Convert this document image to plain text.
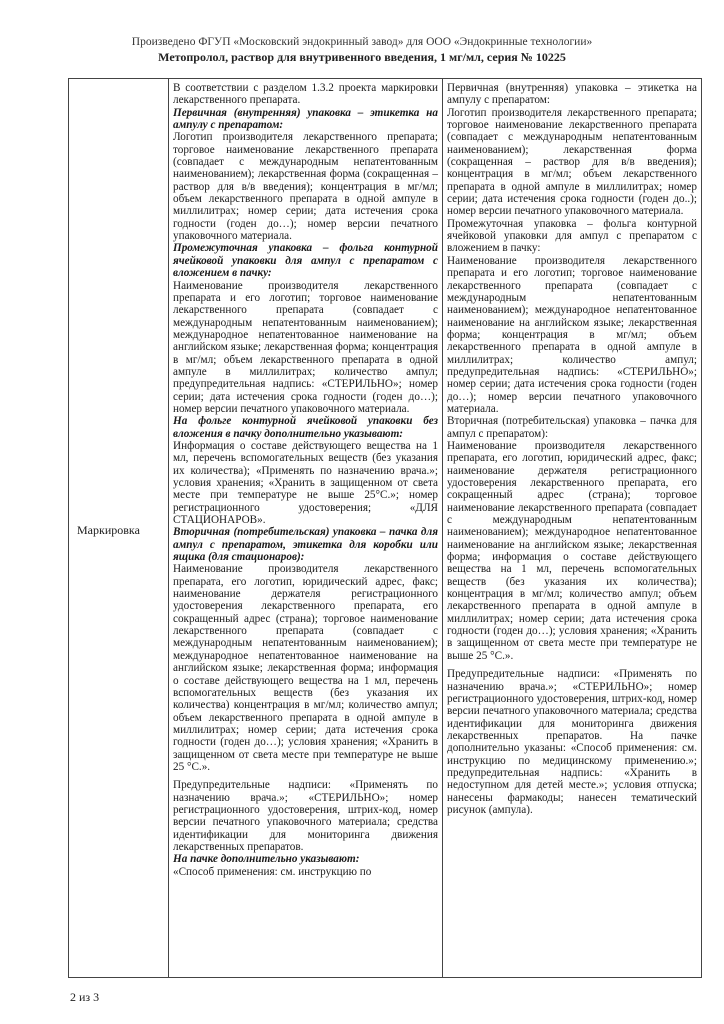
Произведено ФГУП «Московский эндокринный завод» для ООО «Эндокринные технологии»
Метопролол, раствор для внутривенного введения, 1 мг/мл, серия № 10225
Маркировка

В соответствии с разделом 1.3.2 проекта маркировки лекарственного препарата.

Первичная (внутренняя) упаковка – этикетка на ампулу с препаратом:

Логотип производителя лекарственного препарата; торговое наименование лекарственного препарата (совпадает с международным непатентованным наименованием); лекарственная форма (сокращенная – раствор для в/в введения); концентрация в мг/мл; объем лекарственного препарата в одной ампуле в миллилитрах; номер серии; дата истечения срока годности (годен до…); номер версии печатного упаковочного материала.

Промежуточная упаковка – фольга контурной ячейковой упаковки для ампул с препаратом с вложением в пачку:

Наименование производителя лекарственного препарата и его логотип; торговое наименование лекарственного препарата (совпадает с международным непатентованным наименованием); международное непатентованное наименование на английском языке; лекарственная форма; концентрация в мг/мл; объем лекарственного препарата в одной ампуле в миллилитрах; количество ампул; предупредительная надпись: «СТЕРИЛЬНО»; номер серии; дата истечения срока годности (годен до…); номер версии печатного упаковочного материала.

На фольге контурной ячейковой упаковки без вложения в пачку дополнительно указывают:

Информация о составе действующего вещества на 1 мл, перечень вспомогательных веществ (без указания их количества); «Применять по назначению врача.»; условия хранения; «Хранить в защищенном от света месте при температуре не выше 25°С.»; номер регистрационного удостоверения; «ДЛЯ СТАЦИОНАРОВ».

Вторичная (потребительская) упаковка – пачка для ампул с препаратом, этикетка для коробки или ящика (для стационаров):

Наименование производителя лекарственного препарата, его логотип, юридический адрес, факс; наименование держателя регистрационного удостоверения лекарственного препарата, его сокращенный адрес (страна); торговое наименование лекарственного препарата (совпадает с международным непатентованным наименованием); международное непатентованное наименование на английском языке; лекарственная форма; информация о составе действующего вещества на 1 мл, перечень вспомогательных веществ (без указания их количества) концентрация в мг/мл; количество ампул; объем лекарственного препарата в одной ампуле в миллилитрах; номер серии; дата истечения срока годности (годен до…); условия хранения; «Хранить в защищенном от света месте при температуре не выше 25 °С.».

Предупредительные надписи: «Применять по назначению врача.»; «СТЕРИЛЬНО»; номер регистрационного удостоверения, штрих-код, номер версии печатного упаковочного материала; средства идентификации для мониторинга движения лекарственных препаратов.

На пачке дополнительно указывают:

«Способ применения: см. инструкцию по

Первичная (внутренняя) упаковка – этикетка на ампулу с препаратом:

Логотип производителя лекарственного препарата; торговое наименование лекарственного препарата (совпадает с международным непатентованным наименованием); лекарственная форма (сокращенная – раствор для в/в введения); концентрация в мг/мл; объем лекарственного препарата в одной ампуле в миллилитрах; номер серии; дата истечения срока годности (годен до..); номер версии печатного упаковочного материала.

Промежуточная упаковка – фольга контурной ячейковой упаковки для ампул с препаратом с вложением в пачку:

Наименование производителя лекарственного препарата и его логотип; торговое наименование лекарственного препарата (совпадает с международным непатентованным наименованием); международное непатентованное наименование на английском языке; лекарственная форма; концентрация в мг/мл; объем лекарственного препарата в одной ампуле в миллилитрах; количество ампул; предупредительная надпись: «СТЕРИЛЬНО»; номер серии; дата истечения срока годности (годен до…); номер версии печатного упаковочного материала.

Вторичная (потребительская) упаковка – пачка для ампул с препаратом):

Наименование производителя лекарственного препарата, его логотип, юридический адрес, факс; наименование держателя регистрационного удостоверения лекарственного препарата, его сокращенный адрес (страна); торговое наименование лекарственного препарата (совпадает с международным непатентованным наименованием); международное непатентованное наименование на английском языке; лекарственная форма; информация о составе действующего вещества на 1 мл, перечень вспомогательных веществ (без указания их количества); концентрация в мг/мл; количество ампул; объем лекарственного препарата в одной ампуле в миллилитрах; номер серии; дата истечения срока годности (годен до…); условия хранения; «Хранить в защищенном от света месте при температуре не выше 25 °С.».

Предупредительные надписи: «Применять по назначению врача.»; «СТЕРИЛЬНО»; номер регистрационного удостоверения, штрих-код, номер версии печатного упаковочного материала; средства идентификации для мониторинга движения лекарственных препаратов. На пачке дополнительно указаны: «Способ применения: см. инструкцию по медицинскому применению.»; предупредительная надпись: «Хранить в недоступном для детей месте.»; условия отпуска; нанесены фармакоды; нанесен тематический рисунок (ампула).

2 из 3
